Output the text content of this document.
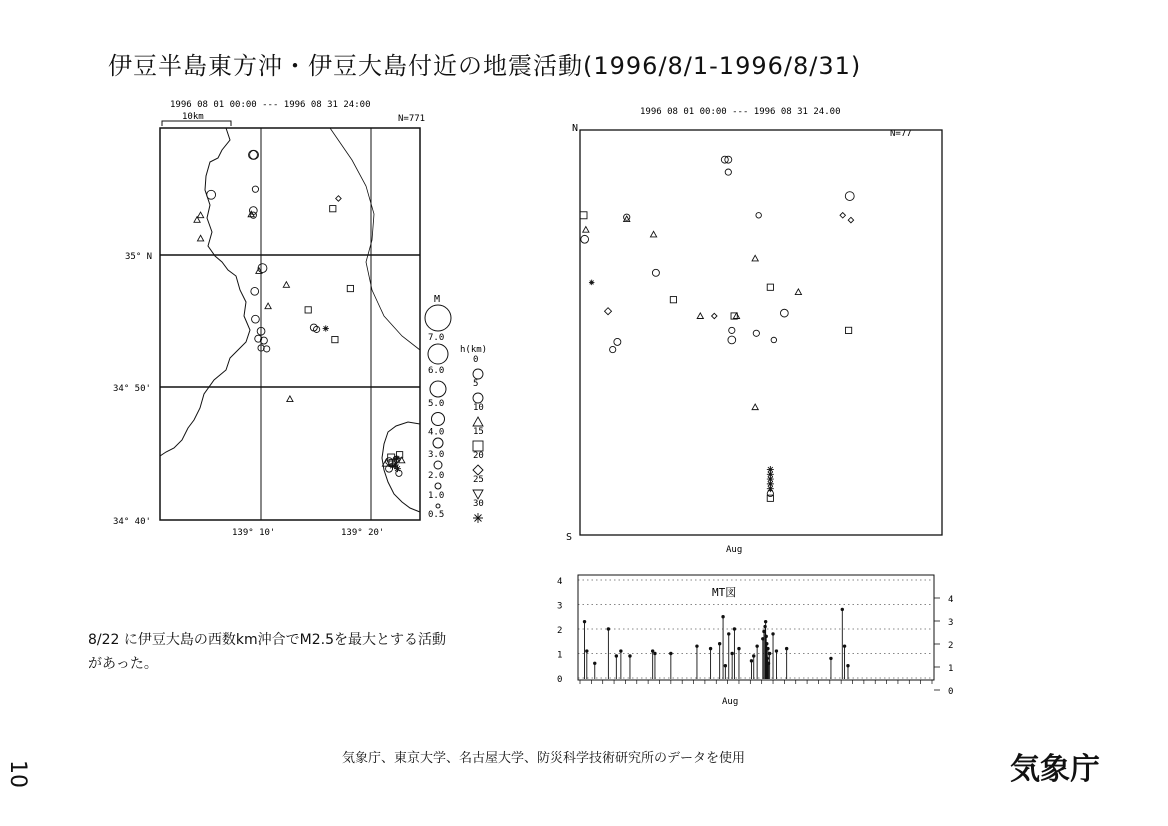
伊豆半島東方沖・伊豆大島付近の地震活動(1996/8/1-1996/8/31)
1996 08 01 00:00 --- 1996 08 31 24:00
N=771
10km
35° N
34° 50'
34° 40'
139° 10'	139° 20'
M
7.0
6.0
5.0
4.0
3.0
2.0
1.0
0.5
h(km)
0
5
10
15
20
25
30
1996 08 01 00:00 --- 1996 08 31 24.00
N=77
N
S
Aug
MT図
Aug
0
1
2
3
4
0
1
2
3
4
8/22 に伊豆大島の西数km沖合でM2.5を最大とする活動
があった。
気象庁、東京大学、名古屋大学、防災科学技術研究所のデータを使用	気象庁
10
